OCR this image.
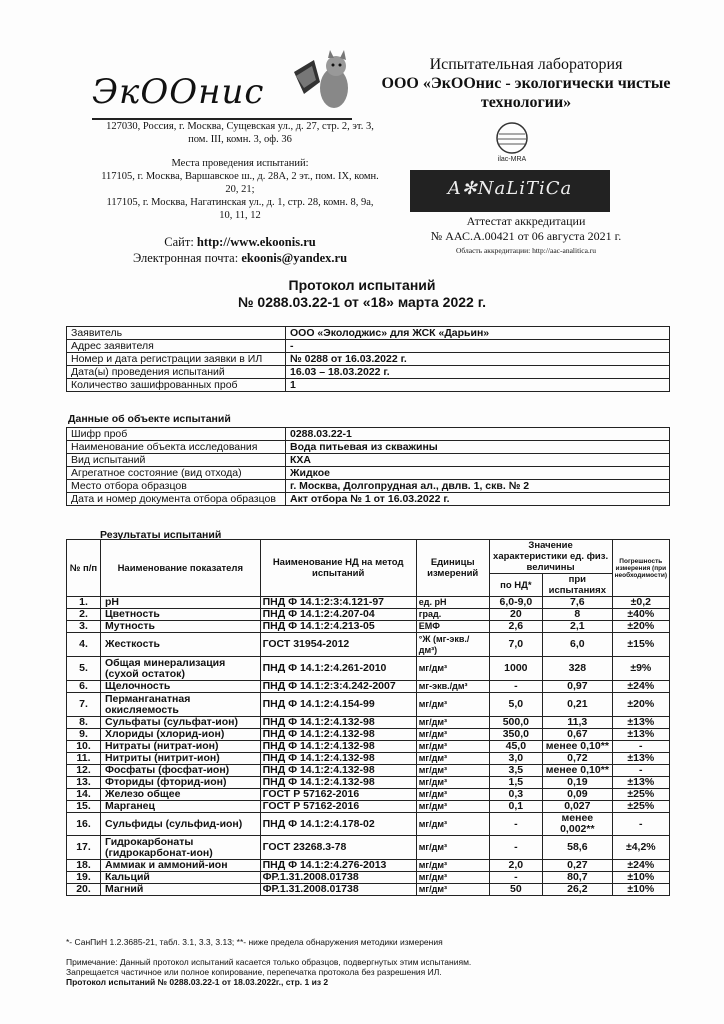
ЭкООнис
127030, Россия, г. Москва, Сущевская ул., д. 27, стр. 2, эт. 3, пом. III, комн. 3, оф. 36
Места проведения испытаний:
117105, г. Москва, Варшавское ш., д. 28А, 2 эт., пом. IX, комн. 20, 21;
117105, г. Москва, Нагатинская ул., д. 1, стр. 28, комн. 8, 9а, 10, 11, 12
Сайт: http://www.ekoonis.ru
Электронная почта: ekoonis@yandex.ru
Испытательная лаборатория
ООО «ЭкООнис - экологически чистые технологии»
ilac-MRA
A✻NaLiTiCa
Аттестат аккредитации
№ ААС.А.00421 от 06 августа 2021 г.
Область аккредитации: http://aac-analitica.ru
Протокол испытаний
№ 0288.03.22-1 от «18» марта 2022 г.
Заявитель	ООО «Эколоджис» для ЖСК «Дарьин»
Адрес заявителя	-
Номер и дата регистрации заявки в ИЛ	№ 0288 от 16.03.2022 г.
Дата(ы) проведения испытаний	16.03 – 18.03.2022 г.
Количество зашифрованных проб	1
Данные об объекте испытаний
Шифр проб	0288.03.22-1
Наименование объекта исследования	Вода питьевая из скважины
Вид испытаний	КХА
Агрегатное состояние (вид отхода)	Жидкое
Место отбора образцов	г. Москва, Долгопрудная ал., двлв. 1, скв. № 2
Дата и номер документа отбора образцов	Акт отбора № 1 от 16.03.2022 г.
Результаты испытаний
№ п/п	Наименование показателя	Наименование НД на метод испытаний	Единицы измерений	Значение характеристики ед. физ. величины		Погрешность измерения (при необходимости)
				по НД*	при испытаниях	
1.	pH	ПНД Ф 14.1:2:3:4.121-97	ед. pH	6,0-9,0	7,6	±0,2
2.	Цветность	ПНД Ф 14.1:2:4.207-04	град.	20	8	±40%
3.	Мутность	ПНД Ф 14.1:2:4.213-05	ЕМФ	2,6	2,1	±20%
4.	Жесткость	ГОСТ 31954-2012	°Ж (мг-экв./дм³)	7,0	6,0	±15%
5.	Общая минерализация (сухой остаток)	ПНД Ф 14.1:2:4.261-2010	мг/дм³	1000	328	±9%
6.	Щелочность	ПНД Ф 14.1:2:3:4.242-2007	мг-экв./дм³	-	0,97	±24%
7.	Перманганатная окисляемость	ПНД Ф 14.1:2:4.154-99	мг/дм³	5,0	0,21	±20%
8.	Сульфаты (сульфат-ион)	ПНД Ф 14.1:2:4.132-98	мг/дм³	500,0	11,3	±13%
9.	Хлориды (хлорид-ион)	ПНД Ф 14.1:2:4.132-98	мг/дм³	350,0	0,67	±13%
10.	Нитраты (нитрат-ион)	ПНД Ф 14.1:2:4.132-98	мг/дм³	45,0	менее 0,10**	-
11.	Нитриты (нитрит-ион)	ПНД Ф 14.1:2:4.132-98	мг/дм³	3,0	0,72	±13%
12.	Фосфаты (фосфат-ион)	ПНД Ф 14.1:2:4.132-98	мг/дм³	3,5	менее 0,10**	-
13.	Фториды (фторид-ион)	ПНД Ф 14.1:2:4.132-98	мг/дм³	1,5	0,19	±13%
14.	Железо общее	ГОСТ Р 57162-2016	мг/дм³	0,3	0,09	±25%
15.	Марганец	ГОСТ Р 57162-2016	мг/дм³	0,1	0,027	±25%
16.	Сульфиды (сульфид-ион)	ПНД Ф 14.1:2:4.178-02	мг/дм³	-	менее 0,002**	-
17.	Гидрокарбонаты (гидрокарбонат-ион)	ГОСТ 23268.3-78	мг/дм³	-	58,6	±4,2%
18.	Аммиак и аммоний-ион	ПНД Ф 14.1:2:4.276-2013	мг/дм³	2,0	0,27	±24%
19.	Кальций	ФР.1.31.2008.01738	мг/дм³	-	80,7	±10%
20.	Магний	ФР.1.31.2008.01738	мг/дм³	50	26,2	±10%
*- СанПиН 1.2.3685-21, табл. 3.1, 3.3, 3.13; **- ниже предела обнаружения методики измерения
Примечание: Данный протокол испытаний касается только образцов, подвергнутых этим испытаниям.
Запрещается частичное или полное копирование, перепечатка протокола без разрешения ИЛ.
Протокол испытаний № 0288.03.22-1 от 18.03.2022г., стр. 1 из 2
